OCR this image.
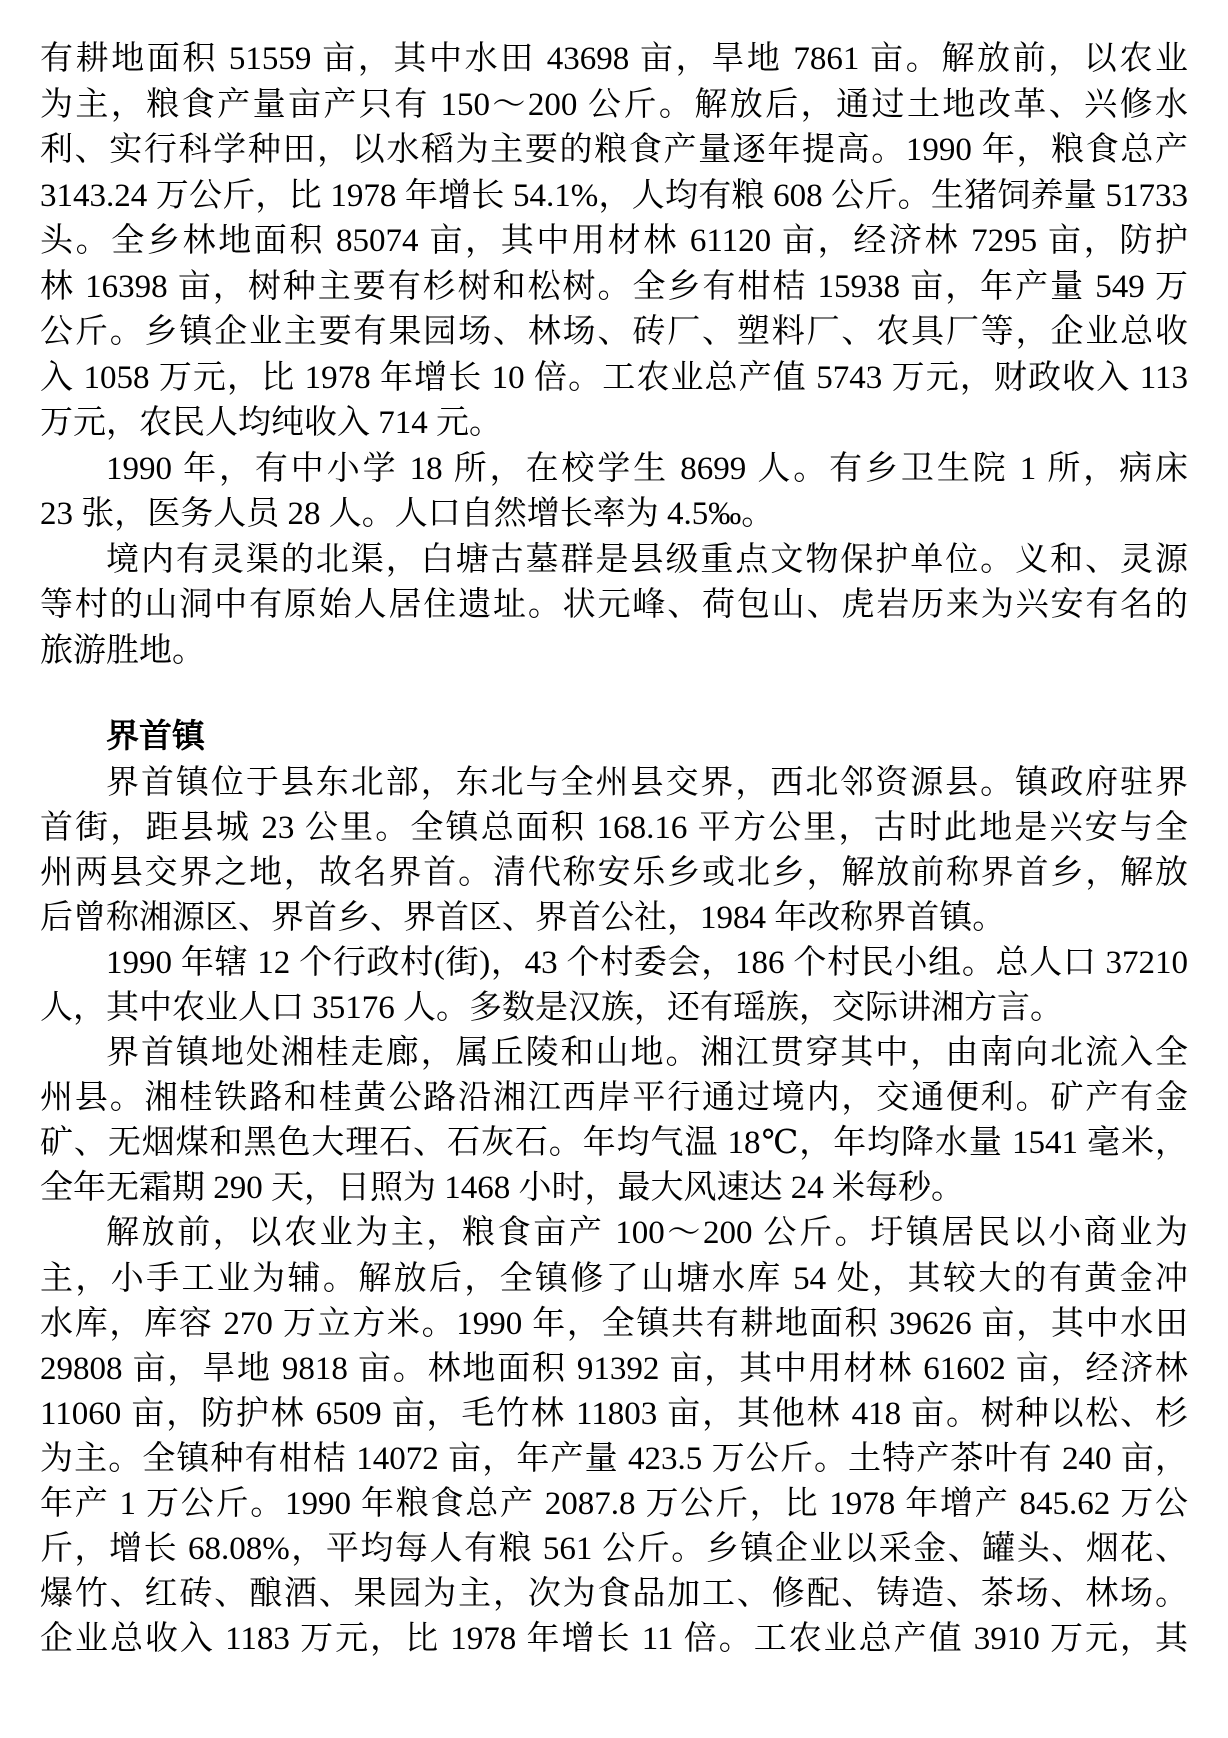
有耕地面积 51559 亩，其中水田 43698 亩，旱地 7861 亩。解放前，以农业
为主，粮食产量亩产只有 150～200 公斤。解放后，通过土地改革、兴修水
利、实行科学种田，以水稻为主要的粮食产量逐年提高。1990 年，粮食总产
3143.24 万公斤，比 1978 年增长 54.1%，人均有粮 608 公斤。生猪饲养量 51733
头。全乡林地面积 85074 亩，其中用材林 61120 亩，经济林 7295 亩，防护
林 16398 亩，树种主要有杉树和松树。全乡有柑桔 15938 亩，年产量 549 万
公斤。乡镇企业主要有果园场、林场、砖厂、塑料厂、农具厂等，企业总收
入 1058 万元，比 1978 年增长 10 倍。工农业总产值 5743 万元，财政收入 113
万元，农民人均纯收入 714 元。
1990 年，有中小学 18 所，在校学生 8699 人。有乡卫生院 1 所，病床
23 张，医务人员 28 人。人口自然增长率为 4.5‰。
境内有灵渠的北渠，白塘古墓群是县级重点文物保护单位。义和、灵源
等村的山洞中有原始人居住遗址。状元峰、荷包山、虎岩历来为兴安有名的
旅游胜地。
界首镇
界首镇位于县东北部，东北与全州县交界，西北邻资源县。镇政府驻界
首街，距县城 23 公里。全镇总面积 168.16 平方公里，古时此地是兴安与全
州两县交界之地，故名界首。清代称安乐乡或北乡，解放前称界首乡，解放
后曾称湘源区、界首乡、界首区、界首公社，1984 年改称界首镇。
1990 年辖 12 个行政村(街)，43 个村委会，186 个村民小组。总人口 37210
人，其中农业人口 35176 人。多数是汉族，还有瑶族，交际讲湘方言。
界首镇地处湘桂走廊，属丘陵和山地。湘江贯穿其中，由南向北流入全
州县。湘桂铁路和桂黄公路沿湘江西岸平行通过境内，交通便利。矿产有金
矿、无烟煤和黑色大理石、石灰石。年均气温 18℃，年均降水量 1541 毫米，
全年无霜期 290 天，日照为 1468 小时，最大风速达 24 米每秒。
解放前，以农业为主，粮食亩产 100～200 公斤。圩镇居民以小商业为
主，小手工业为辅。解放后，全镇修了山塘水库 54 处，其较大的有黄金冲
水库，库容 270 万立方米。1990 年，全镇共有耕地面积 39626 亩，其中水田
29808 亩，旱地 9818 亩。林地面积 91392 亩，其中用材林 61602 亩，经济林
11060 亩，防护林 6509 亩，毛竹林 11803 亩，其他林 418 亩。树种以松、杉
为主。全镇种有柑桔 14072 亩，年产量 423.5 万公斤。土特产茶叶有 240 亩，
年产 1 万公斤。1990 年粮食总产 2087.8 万公斤，比 1978 年增产 845.62 万公
斤，增长 68.08%，平均每人有粮 561 公斤。乡镇企业以采金、罐头、烟花、
爆竹、红砖、酿酒、果园为主，次为食品加工、修配、铸造、茶场、林场。
企业总收入 1183 万元，比 1978 年增长 11 倍。工农业总产值 3910 万元，其
